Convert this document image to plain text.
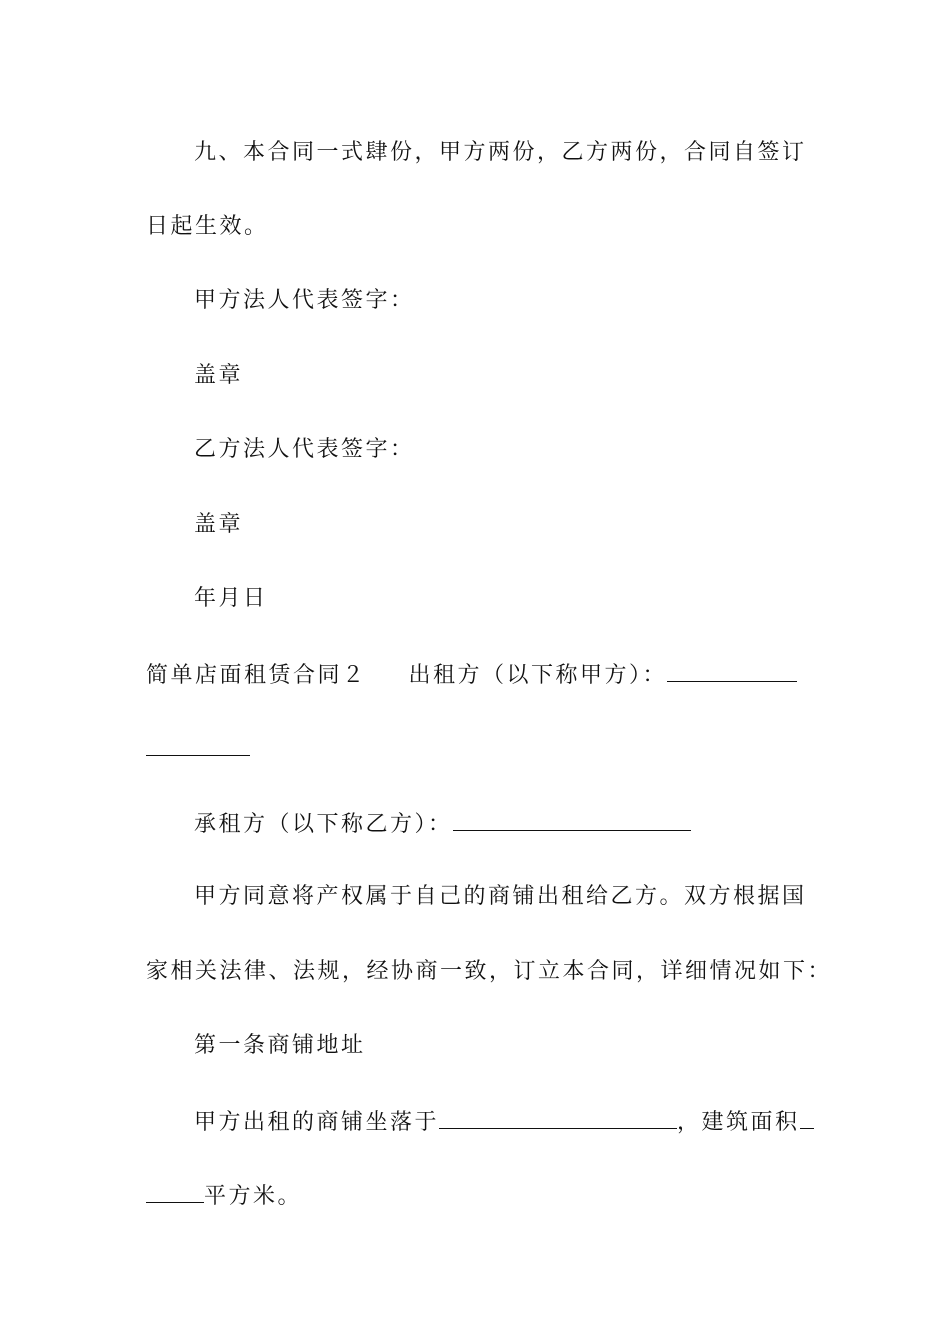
九、本合同一式肆份，甲方两份，乙方两份，合同自签订
日起生效。
甲方法人代表签字：
盖章
乙方法人代表签字：
盖章
年月日
简单店面租赁合同２ 出租方（以下称甲方）：
承租方（以下称乙方）：
甲方同意将产权属于自己的商铺出租给乙方。双方根据国
家相关法律、法规，经协商一致，订立本合同，详细情况如下：
第一条商铺地址
甲方出租的商铺坐落于	，建筑面积
平方米。
